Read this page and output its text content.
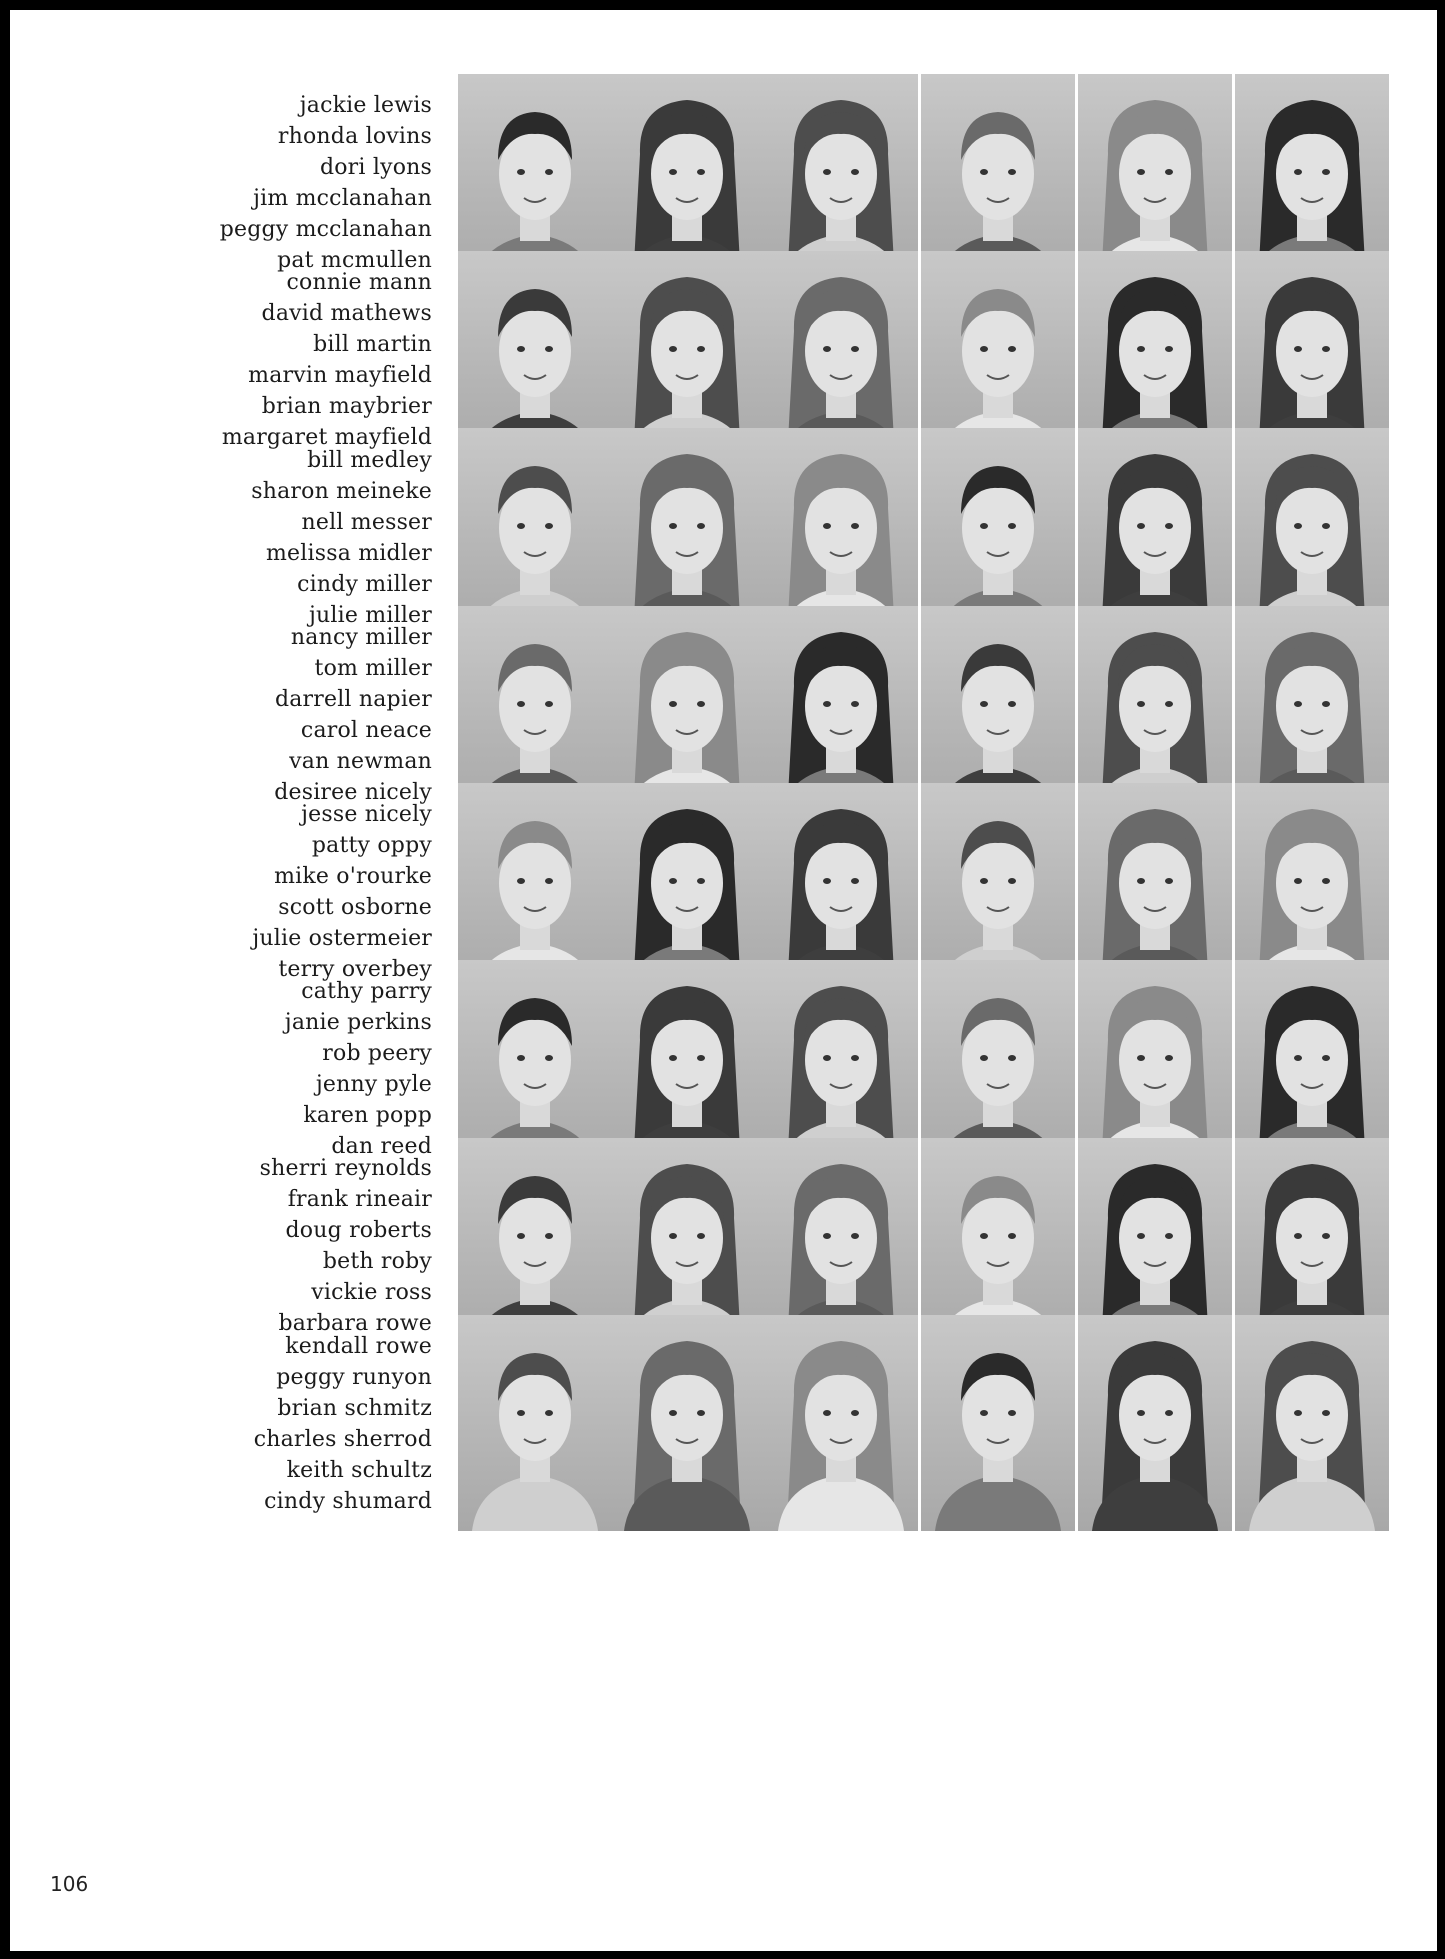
jackie lewis
rhonda lovins
dori lyons
jim mcclanahan
peggy mcclanahan
pat mcmullen
connie mann
david mathews
bill martin
marvin mayfield
brian maybrier
margaret mayfield
bill medley
sharon meineke
nell messer
melissa midler
cindy miller
julie miller
nancy miller
tom miller
darrell napier
carol neace
van newman
desiree nicely
jesse nicely
patty oppy
mike o'rourke
scott osborne
julie ostermeier
terry overbey
cathy parry
janie perkins
rob peery
jenny pyle
karen popp
dan reed
sherri reynolds
frank rineair
doug roberts
beth roby
vickie ross
barbara rowe
kendall rowe
peggy runyon
brian schmitz
charles sherrod
keith schultz
cindy shumard
106
